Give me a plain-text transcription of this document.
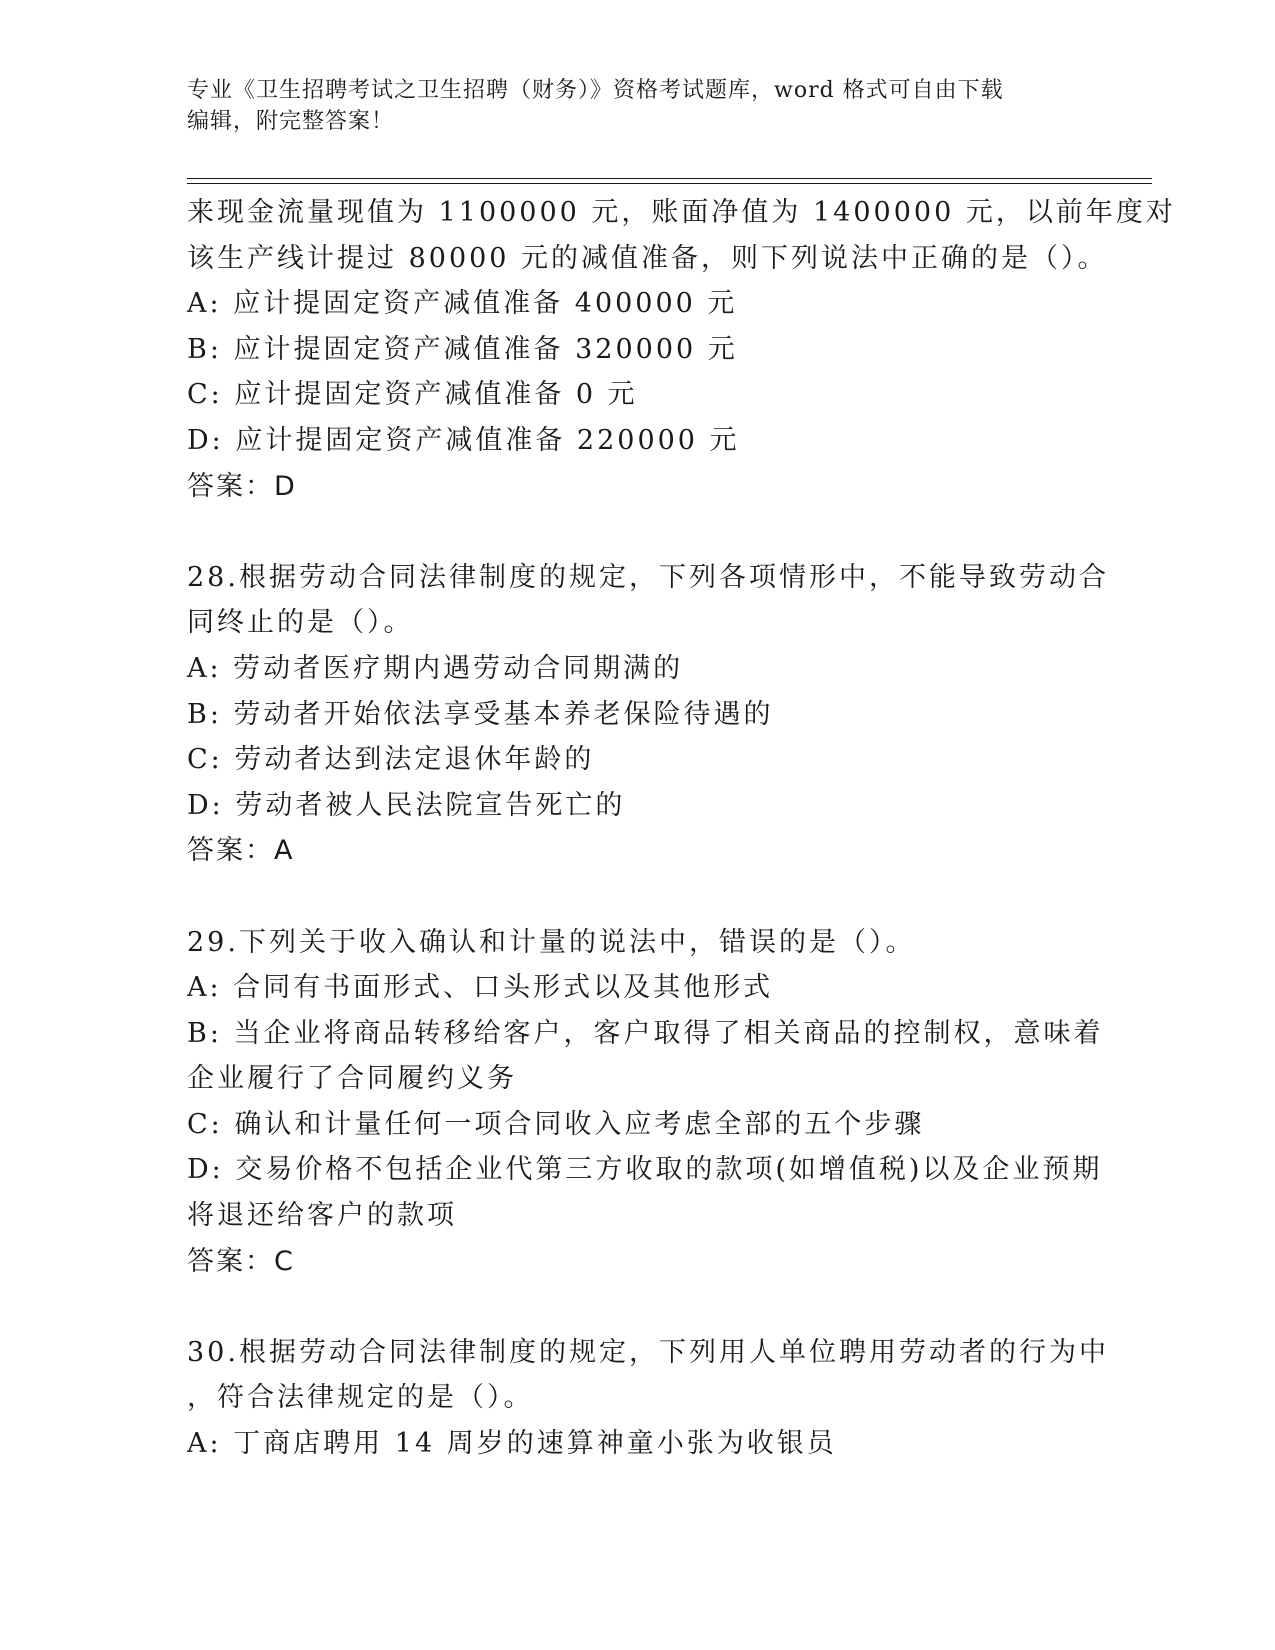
专业《卫生招聘考试之卫生招聘（财务）》资格考试题库，word 格式可自由下载
编辑，附完整答案！
来现金流量现值为 1100000 元，账面净值为 1400000 元，以前年度对
该生产线计提过 80000 元的减值准备，则下列说法中正确的是（）。
A: 应计提固定资产减值准备 400000 元
B: 应计提固定资产减值准备 320000 元
C: 应计提固定资产减值准备 0 元
D: 应计提固定资产减值准备 220000 元
答案：D
28.根据劳动合同法律制度的规定，下列各项情形中，不能导致劳动合
同终止的是（）。
A: 劳动者医疗期内遇劳动合同期满的
B: 劳动者开始依法享受基本养老保险待遇的
C: 劳动者达到法定退休年龄的
D: 劳动者被人民法院宣告死亡的
答案：A
29.下列关于收入确认和计量的说法中，错误的是（）。
A: 合同有书面形式、口头形式以及其他形式
B: 当企业将商品转移给客户，客户取得了相关商品的控制权，意味着
企业履行了合同履约义务
C: 确认和计量任何一项合同收入应考虑全部的五个步骤
D: 交易价格不包括企业代第三方收取的款项(如增值税)以及企业预期
将退还给客户的款项
答案：C
30.根据劳动合同法律制度的规定，下列用人单位聘用劳动者的行为中
，符合法律规定的是（）。
A: 丁商店聘用 14 周岁的速算神童小张为收银员
